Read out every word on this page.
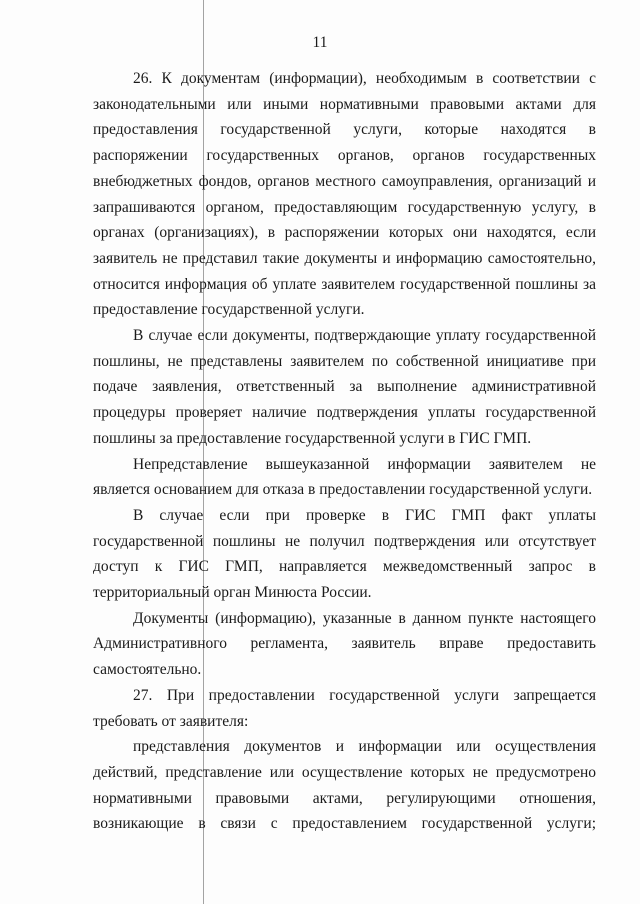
11

26. К документам (информации), необходимым в соответствии с законодательными или иными нормативными правовыми актами для предоставления государственной услуги, которые находятся в распоряжении государственных органов, органов государственных внебюджетных фондов, органов местного самоуправления, организаций и запрашиваются органом, предоставляющим государственную услугу, в органах (организациях), в распоряжении которых они находятся, если заявитель не представил такие документы и информацию самостоятельно, относится информация об уплате заявителем государственной пошлины за предоставление государственной услуги.

В случае если документы, подтверждающие уплату государственной пошлины, не представлены заявителем по собственной инициативе при подаче заявления, ответственный за выполнение административной процедуры проверяет наличие подтверждения уплаты государственной пошлины за предоставление государственной услуги в ГИС ГМП.

Непредставление вышеуказанной информации заявителем не является основанием для отказа в предоставлении государственной услуги.

В случае если при проверке в ГИС ГМП факт уплаты государственной пошлины не получил подтверждения или отсутствует доступ к ГИС ГМП, направляется межведомственный запрос в территориальный орган Минюста России.

Документы (информацию), указанные в данном пункте настоящего Административного регламента, заявитель вправе предоставить самостоятельно.

27. При предоставлении государственной услуги запрещается требовать от заявителя:

представления документов и информации или осуществления действий, представление или осуществление которых не предусмотрено нормативными правовыми актами, регулирующими отношения, возникающие в связи с предоставлением государственной услуги;
